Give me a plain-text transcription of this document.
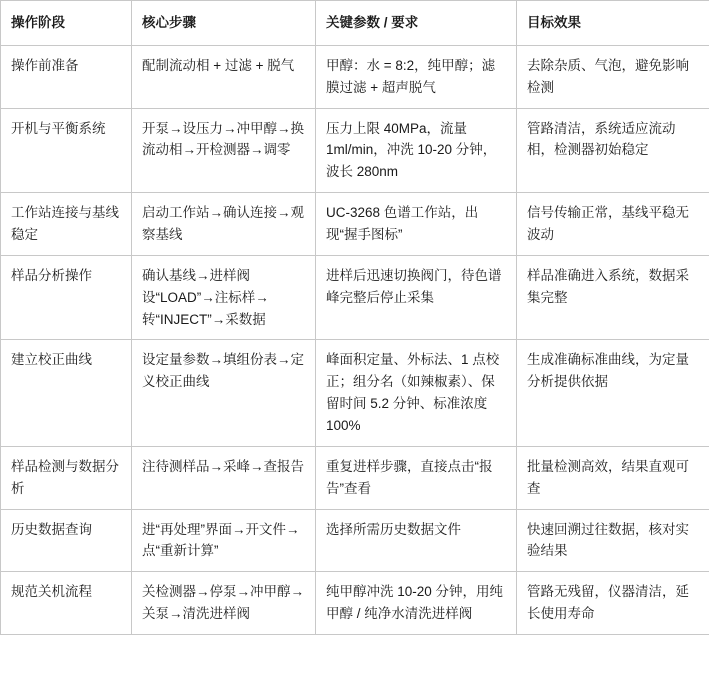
操作阶段	核心步骤	关键参数 / 要求	目标效果
操作前准备	配制流动相 + 过滤 + 脱气	甲醇：水 = 8:2，纯甲醇；滤膜过滤 + 超声脱气	去除杂质、气泡，避免影响检测
开机与平衡系统	开泵→设压力→冲甲醇→换流动相→开检测器→调零	压力上限 40MPa，流量 1ml/min，冲洗 10-20 分钟，波长 280nm	管路清洁，系统适应流动相，检测器初始稳定
工作站连接与基线稳定	启动工作站→确认连接→观察基线	UC-3268 色谱工作站，出现“握手图标”	信号传输正常，基线平稳无波动
样品分析操作	确认基线→进样阀设“LOAD”→注标样→转“INJECT”→采数据	进样后迅速切换阀门，待色谱峰完整后停止采集	样品准确进入系统，数据采集完整
建立校正曲线	设定量参数→填组份表→定义校正曲线	峰面积定量、外标法、1 点校正；组分名（如辣椒素）、保留时间 5.2 分钟、标准浓度 100%	生成准确标准曲线，为定量分析提供依据
样品检测与数据分析	注待测样品→采峰→查报告	重复进样步骤，直接点击“报告”查看	批量检测高效，结果直观可查
历史数据查询	进“再处理”界面→开文件→点“重新计算”	选择所需历史数据文件	快速回溯过往数据，核对实验结果
规范关机流程	关检测器→停泵→冲甲醇→关泵→清洗进样阀	纯甲醇冲洗 10-20 分钟，用纯甲醇 / 纯净水清洗进样阀	管路无残留，仪器清洁，延长使用寿命
